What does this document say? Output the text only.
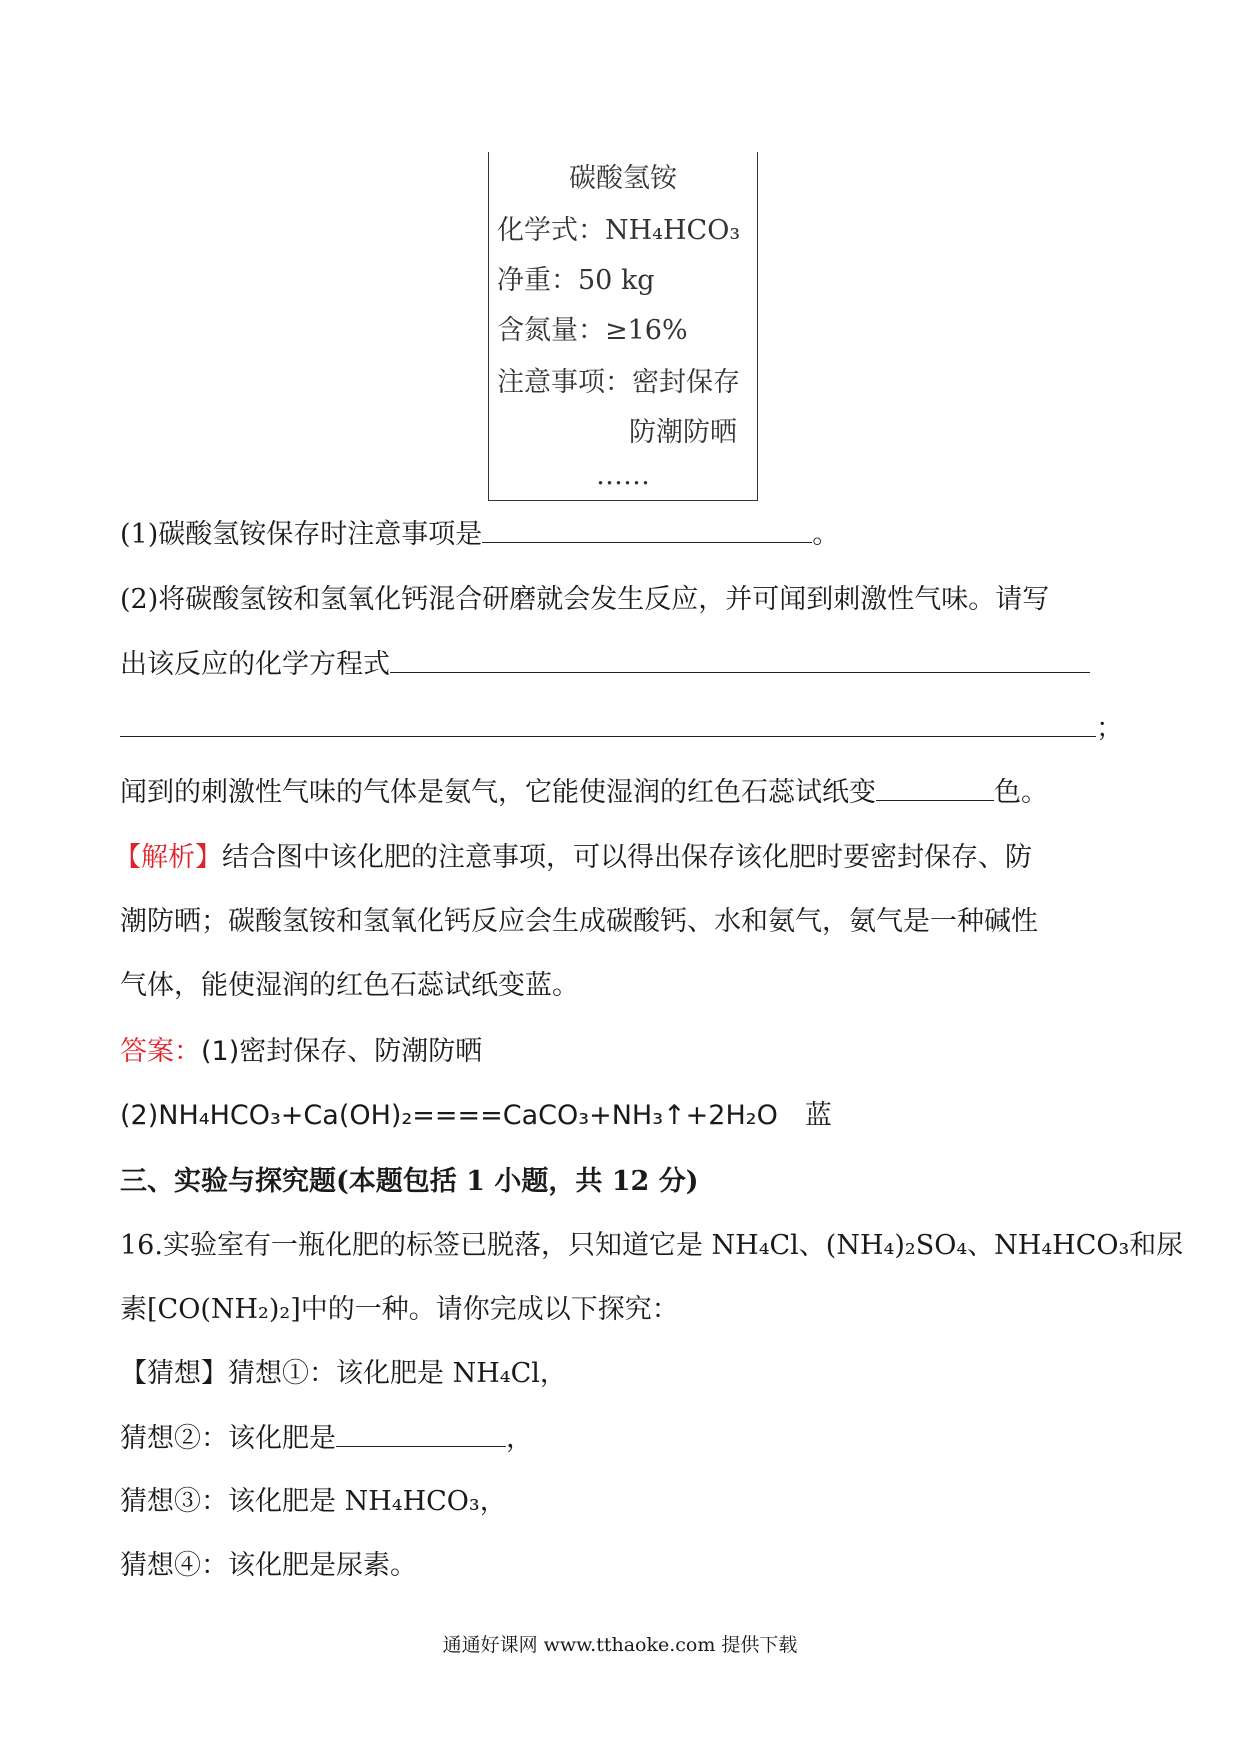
碳酸氢铵
化学式：NH₄HCO₃
净重：50 kg
含氮量：≥16%
注意事项：密封保存
防潮防晒
……
(1)碳酸氢铵保存时注意事项是	。
(2)将碳酸氢铵和氢氧化钙混合研磨就会发生反应，并可闻到刺激性气味。请写
出该反应的化学方程式
；
闻到的刺激性气味的气体是氨气，它能使湿润的红色石蕊试纸变	色。
【解析】结合图中该化肥的注意事项，可以得出保存该化肥时要密封保存、防
潮防晒；碳酸氢铵和氢氧化钙反应会生成碳酸钙、水和氨气，氨气是一种碱性
气体，能使湿润的红色石蕊试纸变蓝。
答案：(1)密封保存、防潮防晒
(2)NH₄HCO₃+Ca(OH)₂====CaCO₃+NH₃↑+2H₂O　蓝
三、实验与探究题(本题包括 1 小题，共 12 分)
16.实验室有一瓶化肥的标签已脱落，只知道它是 NH₄Cl、(NH₄)₂SO₄、NH₄HCO₃和尿
素[CO(NH₂)₂]中的一种。请你完成以下探究：
【猜想】猜想①：该化肥是 NH₄Cl，
猜想②：该化肥是	，
猜想③：该化肥是 NH₄HCO₃，
猜想④：该化肥是尿素。
通通好课网 www.tthaoke.com 提供下载
